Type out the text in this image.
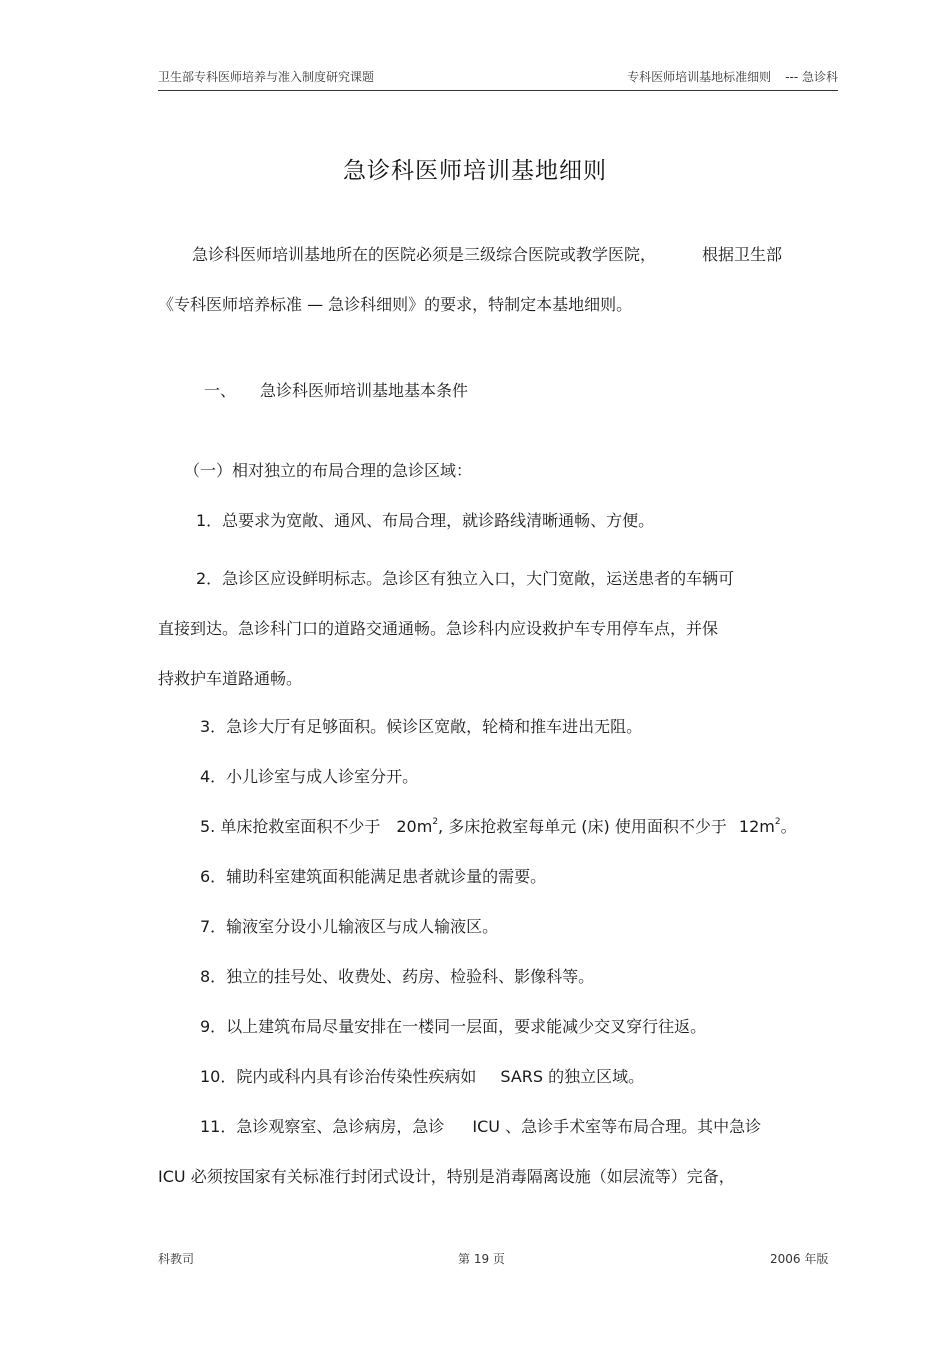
卫生部专科医师培养与准入制度研究课题	专科医师培训基地标准细则 --- 急诊科
急诊科医师培训基地细则
急诊科医师培训基地所在的医院必须是三级综合医院或教学医院，	根据卫生部
《专科医师培养标准 — 急诊科细则》的要求，特制定本基地细则。
一、 急诊科医师培训基地基本条件
（一）相对独立的布局合理的急诊区域：
1．总要求为宽敞、通风、布局合理，就诊路线清晰通畅、方便。
2．急诊区应设鲜明标志。急诊区有独立入口，大门宽敞，运送患者的车辆可
直接到达。急诊科门口的道路交通通畅。急诊科内应设救护车专用停车点，并保
持救护车道路通畅。
3．急诊大厅有足够面积。候诊区宽敞，轮椅和推车进出无阻。
4．小儿诊室与成人诊室分开。
5. 单床抢救室面积不少于 $20m^2$, 多床抢救室每单元 (床) 使用面积不少于 $12m^2$。
6．辅助科室建筑面积能满足患者就诊量的需要。
7．输液室分设小儿输液区与成人输液区。
8．独立的挂号处、收费处、药房、检验科、影像科等。
9．以上建筑布局尽量安排在一楼同一层面，要求能减少交叉穿行往返。
10．院内或科内具有诊治传染性疾病如 SARS 的独立区域。
11．急诊观察室、急诊病房，急诊 ICU 、急诊手术室等布局合理。其中急诊
ICU 必须按国家有关标准行封闭式设计，特别是消毒隔离设施（如层流等）完备，
科教司	第 19 页	2006 年版
